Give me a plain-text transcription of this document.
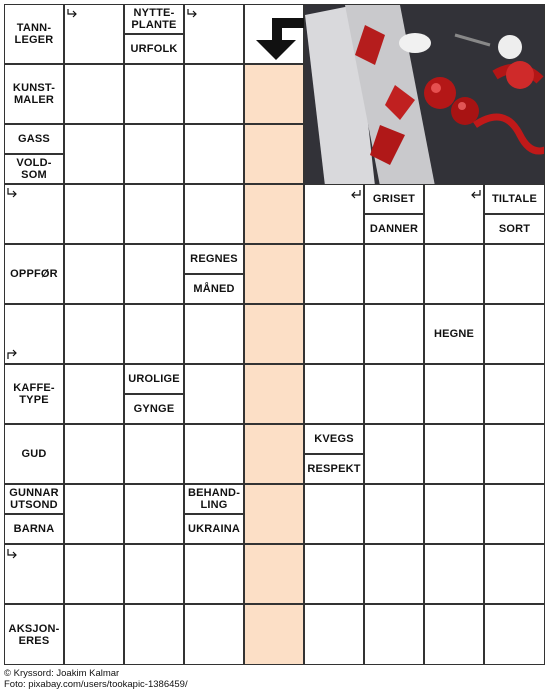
TANN-
LEGER
NYTTE-
PLANTE
URFOLK
KUNST-
MALER
GASS
VOLD-
SOM
GRISET
DANNER
TILTALE
SORT
OPPFØR
REGNES
MÅNED
HEGNE
KAFFE-
TYPE
UROLIGE
GYNGE
GUD
KVEGS
RESPEKT
GUNNAR
UTSOND
BARNA
BEHAND-
LING
UKRAINA
AKSJON-
ERES
© Kryssord: Joakim Kalmar
Foto: pixabay.com/users/tookapic-1386459/
